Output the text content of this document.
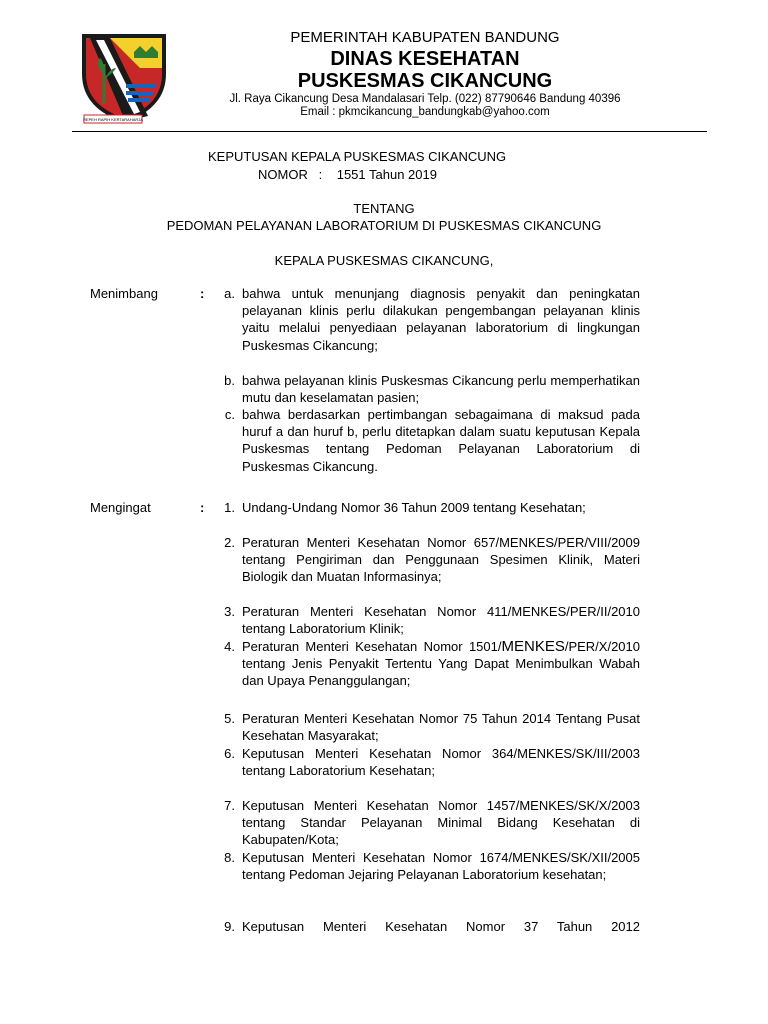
REPEH RAPIH KERTARAHARJA
PEMERINTAH KABUPATEN BANDUNG
DINAS KESEHATAN
PUSKESMAS CIKANCUNG
Jl. Raya Cikancung Desa Mandalasari Telp. (022) 87790646 Bandung 40396
Email : pkmcikancung_bandungkab@yahoo.com
KEPUTUSAN KEPALA PUSKESMAS CIKANCUNG
NOMOR   :    1551 Tahun 2019
TENTANG
PEDOMAN PELAYANAN LABORATORIUM DI PUSKESMAS CIKANCUNG
KEPALA PUSKESMAS CIKANCUNG,
Menimbang	:	a. bahwa untuk menunjang diagnosis penyakit dan peningkatan pelayanan klinis perlu dilakukan pengembangan pelayanan klinis yaitu melalui penyediaan pelayanan laboratorium di lingkungan Puskesmas Cikancung;
b. bahwa pelayanan klinis Puskesmas Cikancung perlu memperhatikan mutu dan keselamatan pasien;
c. bahwa berdasarkan pertimbangan sebagaimana di maksud pada huruf a dan huruf b, perlu ditetapkan dalam suatu keputusan Kepala Puskesmas tentang Pedoman Pelayanan Laboratorium di Puskesmas Cikancung.
Mengingat	:	1. Undang-Undang Nomor 36 Tahun 2009 tentang Kesehatan;
2. Peraturan Menteri Kesehatan Nomor 657/MENKES/PER/VIII/2009 tentang Pengiriman dan Penggunaan Spesimen Klinik, Materi Biologik dan Muatan Informasinya;
3. Peraturan Menteri Kesehatan Nomor 411/MENKES/PER/II/2010 tentang Laboratorium Klinik;
4. Peraturan Menteri Kesehatan Nomor 1501/MENKES/PER/X/2010 tentang Jenis Penyakit Tertentu Yang Dapat Menimbulkan Wabah dan Upaya Penanggulangan;
5. Peraturan Menteri Kesehatan Nomor 75 Tahun 2014 Tentang Pusat Kesehatan Masyarakat;
6. Keputusan Menteri Kesehatan Nomor 364/MENKES/SK/III/2003 tentang Laboratorium Kesehatan;
7. Keputusan Menteri Kesehatan Nomor 1457/MENKES/SK/X/2003 tentang Standar Pelayanan Minimal Bidang Kesehatan di Kabupaten/Kota;
8. Keputusan Menteri Kesehatan Nomor 1674/MENKES/SK/XII/2005 tentang Pedoman Jejaring Pelayanan Laboratorium kesehatan;
9. Keputusan Menteri Kesehatan Nomor 37 Tahun 2012
